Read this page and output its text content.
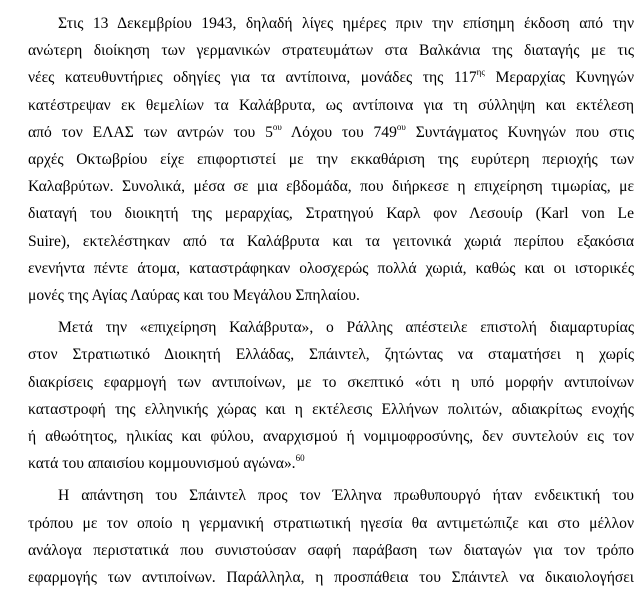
Στις 13 Δεκεμβρίου 1943, δηλαδή λίγες ημέρες πριν την επίσημη έκδοση από την
ανώτερη διοίκηση των γερμανικών στρατευμάτων στα Βαλκάνια της διαταγής με τις
νέες κατευθυντήριες οδηγίες για τα αντίποινα, μονάδες της $117^{\eta\varsigma}$ Μεραρχίας Κυνηγών
κατέστρεψαν εκ θεμελίων τα Καλάβρυτα, ως αντίποινα για τη σύλληψη και εκτέλεση
από τον ΕΛΑΣ των αντρών του $5^{o\upsilon}$ Λόχου του $749^{o\upsilon}$ Συντάγματος Κυνηγών που στις
αρχές Οκτωβρίου είχε επιφορτιστεί με την εκκαθάριση της ευρύτερη περιοχής των
Καλαβρύτων. Συνολικά, μέσα σε μια εβδομάδα, που διήρκεσε η επιχείρηση τιμωρίας, με
διαταγή του διοικητή της μεραρχίας, Στρατηγού Καρλ φον Λεσουίρ (Karl von Le
Suire), εκτελέστηκαν από τα Καλάβρυτα και τα γειτονικά χωριά περίπου εξακόσια
ενενήντα πέντε άτομα, καταστράφηκαν ολοσχερώς πολλά χωριά, καθώς και οι ιστορικές
μονές της Αγίας Λαύρας και του Μεγάλου Σπηλαίου.
Μετά την «επιχείρηση Καλάβρυτα», ο Ράλλης απέστειλε επιστολή διαμαρτυρίας
στον Στρατιωτικό Διοικητή Ελλάδας, Σπάιντελ, ζητώντας να σταματήσει η χωρίς
διακρίσεις εφαρμογή των αντιποίνων, με το σκεπτικό «ότι η υπό μορφήν αντιποίνων
καταστροφή της ελληνικής χώρας και η εκτέλεσις Ελλήνων πολιτών, αδιακρίτως ενοχής
ή αθωότητος, ηλικίας και φύλου, αναρχισμού ή νομιμοφροσύνης, δεν συντελούν εις τον
κατά του απαισίου κομμουνισμού αγώνα».$^{60}$
Η απάντηση του Σπάιντελ προς τον Έλληνα πρωθυπουργό ήταν ενδεικτική του
τρόπου με τον οποίο η γερμανική στρατιωτική ηγεσία θα αντιμετώπιζε και στο μέλλον
ανάλογα περιστατικά που συνιστούσαν σαφή παράβαση των διαταγών για τον τρόπο
εφαρμογής των αντιποίνων. Παράλληλα, η προσπάθεια του Σπάιντελ να δικαιολογήσει
